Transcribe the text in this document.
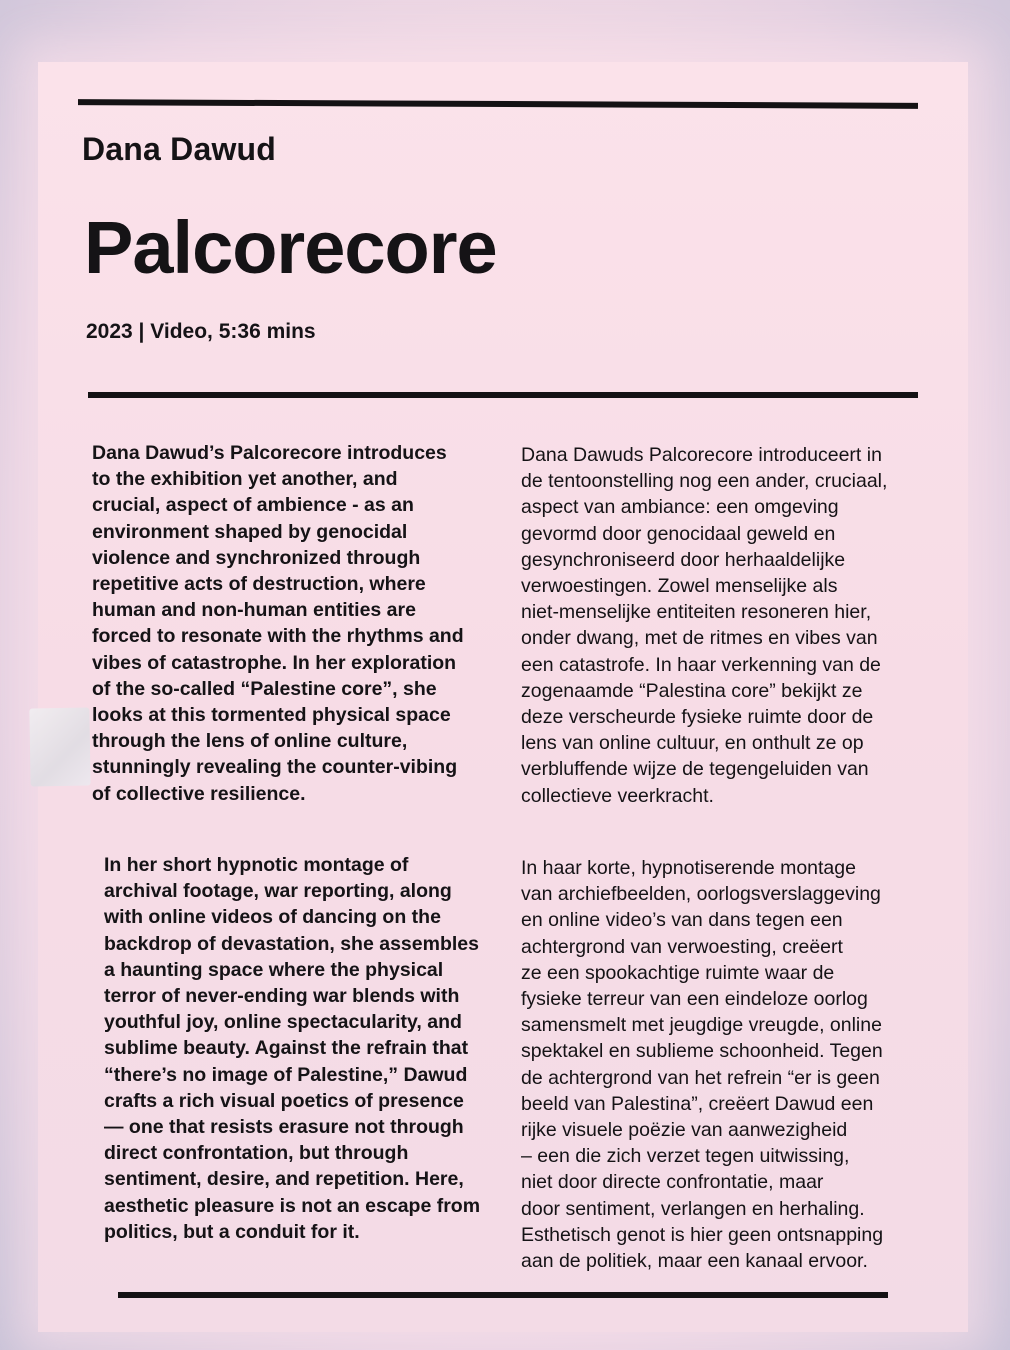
Dana Dawud
Palcorecore
2023 | Video, 5:36 mins
Dana Dawud’s Palcorecore introduces
to the exhibition yet another, and
crucial, aspect of ambience - as an
environment shaped by genocidal
violence and synchronized through
repetitive acts of destruction, where
human and non-human entities are
forced to resonate with the rhythms and
vibes of catastrophe. In her exploration
of the so-called “Palestine core”, she
looks at this tormented physical space
through the lens of online culture,
stunningly revealing the counter-vibing
of collective resilience.
In her short hypnotic montage of
archival footage, war reporting, along
with online videos of dancing on the
backdrop of devastation, she assembles
a haunting space where the physical
terror of never-ending war blends with
youthful joy, online spectacularity, and
sublime beauty. Against the refrain that
“there’s no image of Palestine,” Dawud
crafts a rich visual poetics of presence
— one that resists erasure not through
direct confrontation, but through
sentiment, desire, and repetition. Here,
aesthetic pleasure is not an escape from
politics, but a conduit for it.
Dana Dawuds Palcorecore introduceert in
de tentoonstelling nog een ander, cruciaal,
aspect van ambiance: een omgeving
gevormd door genocidaal geweld en
gesynchroniseerd door herhaaldelijke
verwoestingen. Zowel menselijke als
niet-menselijke entiteiten resoneren hier,
onder dwang, met de ritmes en vibes van
een catastrofe. In haar verkenning van de
zogenaamde “Palestina core” bekijkt ze
deze verscheurde fysieke ruimte door de
lens van online cultuur, en onthult ze op
verbluffende wijze de tegengeluiden van
collectieve veerkracht.
In haar korte, hypnotiserende montage
van archiefbeelden, oorlogsverslaggeving
en online video’s van dans tegen een
achtergrond van verwoesting, creëert
ze een spookachtige ruimte waar de
fysieke terreur van een eindeloze oorlog
samensmelt met jeugdige vreugde, online
spektakel en sublieme schoonheid. Tegen
de achtergrond van het refrein “er is geen
beeld van Palestina”, creëert Dawud een
rijke visuele poëzie van aanwezigheid
– een die zich verzet tegen uitwissing,
niet door directe confrontatie, maar
door sentiment, verlangen en herhaling.
Esthetisch genot is hier geen ontsnapping
aan de politiek, maar een kanaal ervoor.
